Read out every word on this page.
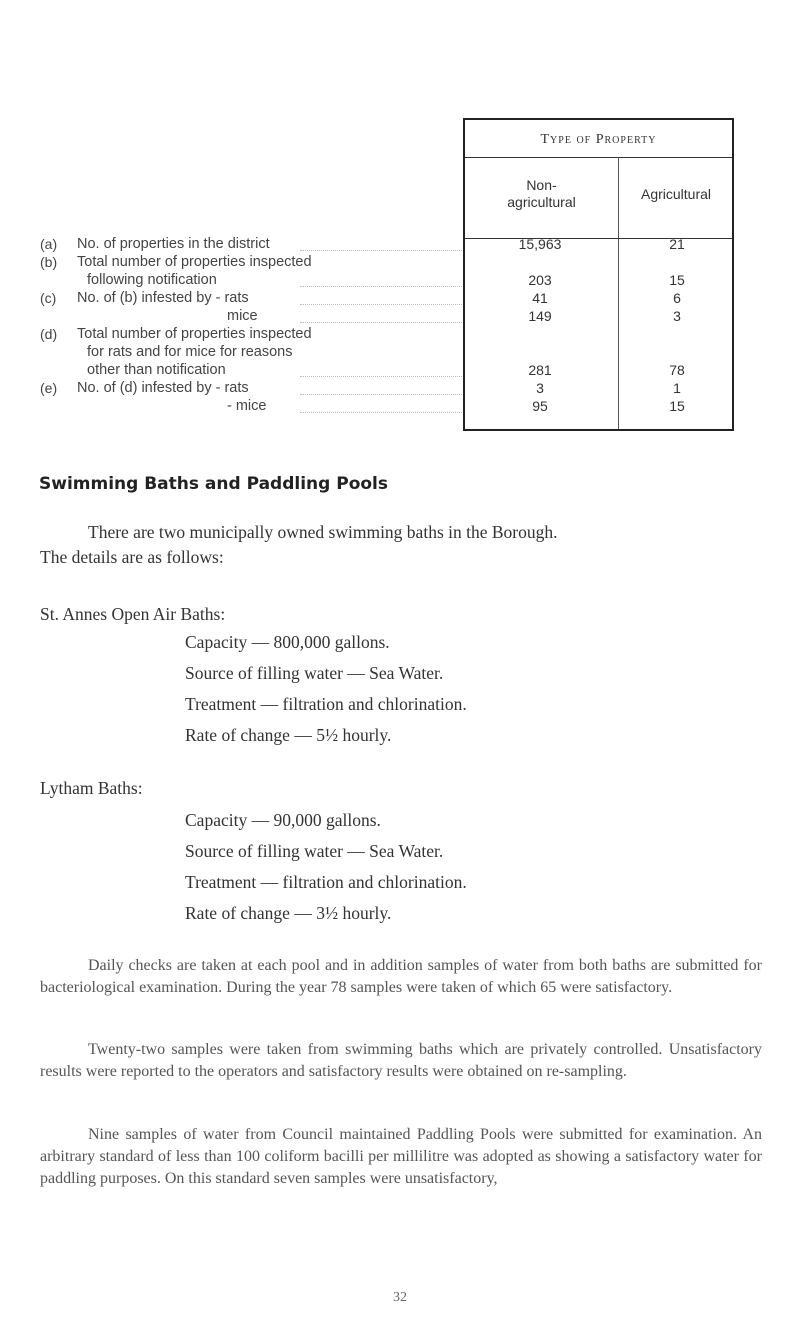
Type of Property
Non-
agricultural	Agricultural
(a) No. of properties in the district	15,963	21
(b) Total number of properties inspected
following notification	203	15
(c) No. of (b) infested by - rats	41	6
mice	149	3
(d) Total number of properties inspected
for rats and for mice for reasons
other than notification	281	78
(e) No. of (d) infested by - rats	3	1
- mice	95	15
Swimming Baths and Paddling Pools
There are two municipally owned swimming baths in the Borough.
The details are as follows:
St. Annes Open Air Baths:
Capacity — 800,000 gallons.
Source of filling water — Sea Water.
Treatment — filtration and chlorination.
Rate of change — 5½ hourly.
Lytham Baths:
Capacity — 90,000 gallons.
Source of filling water — Sea Water.
Treatment — filtration and chlorination.
Rate of change — 3½ hourly.
Daily checks are taken at each pool and in addition samples of water from both baths are submitted for bacteriological examination. During the year 78 samples were taken of which 65 were satisfactory.
Twenty-two samples were taken from swimming baths which are privately controlled. Unsatisfactory results were reported to the operators and satisfactory results were obtained on re-sampling.
Nine samples of water from Council maintained Paddling Pools were submitted for examination. An arbitrary standard of less than 100 coliform bacilli per millilitre was adopted as showing a satisfactory water for paddling purposes. On this standard seven samples were unsatisfactory,
32
